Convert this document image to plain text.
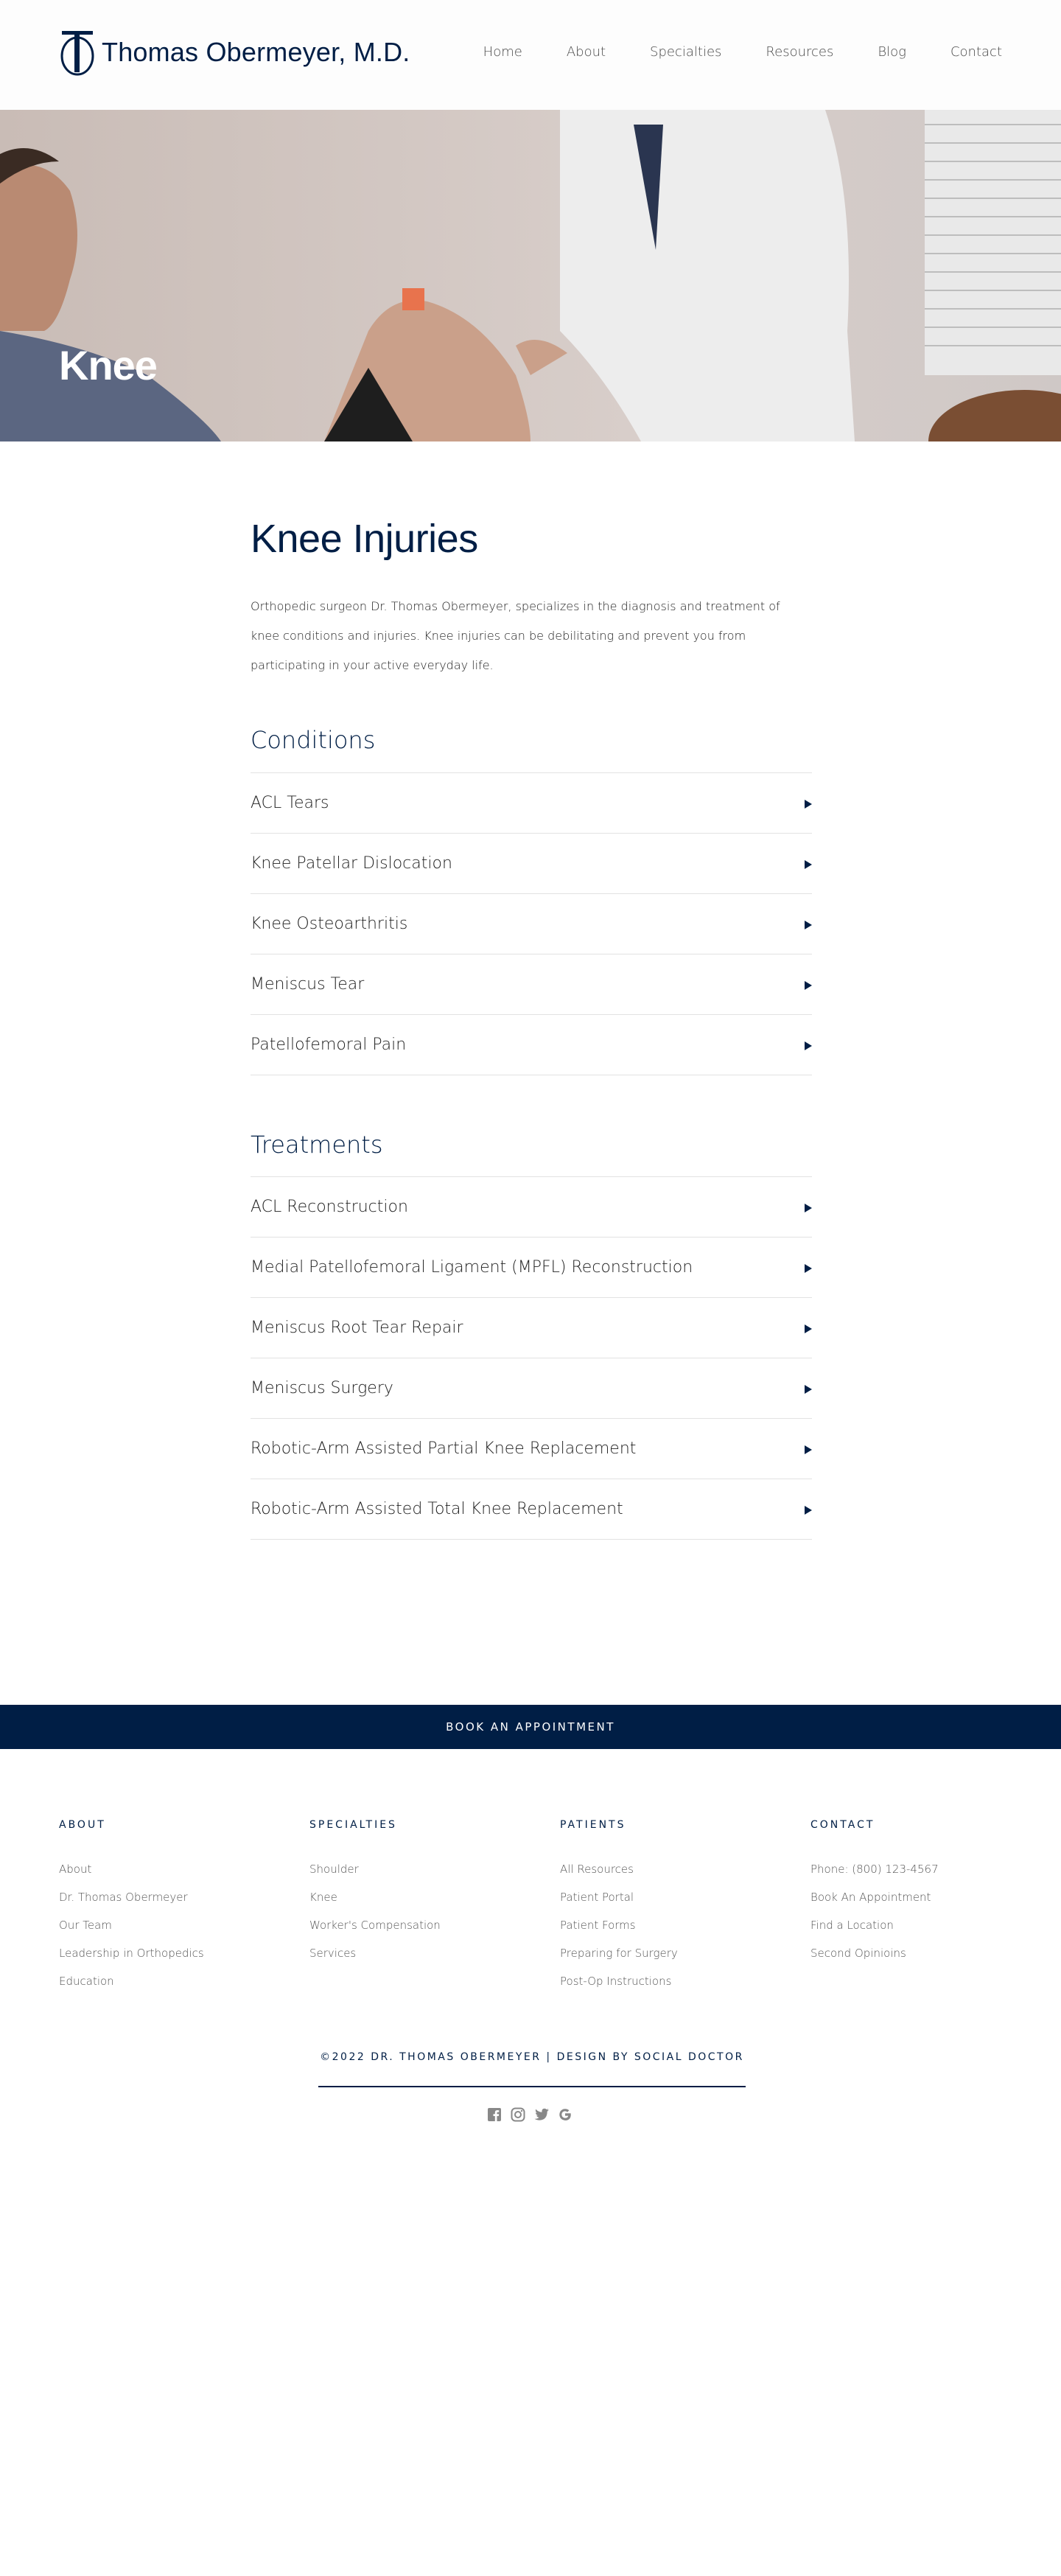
Thomas Obermeyer, M.D.	Home	About	Specialties	Resources	Blog	Contact
Knee
Knee Injuries

Orthopedic surgeon Dr. Thomas Obermeyer, specializes in the diagnosis and treatment of knee conditions and injuries. Knee injuries can be debilitating and prevent you from participating in your active everyday life.

Conditions
ACL Tears
Knee Patellar Dislocation
Knee Osteoarthritis
Meniscus Tear
Patellofemoral Pain
Treatments
ACL Reconstruction
Medial Patellofemoral Ligament (MPFL) Reconstruction
Meniscus Root Tear Repair
Meniscus Surgery
Robotic-Arm Assisted Partial Knee Replacement
Robotic-Arm Assisted Total Knee Replacement
BOOK AN APPOINTMENT
ABOUT
About
Dr. Thomas Obermeyer
Our Team
Leadership in Orthopedics
Education
SPECIALTIES
Shoulder
Knee
Worker's Compensation
Services
PATIENTS
All Resources
Patient Portal
Patient Forms
Preparing for Surgery
Post-Op Instructions
CONTACT
Phone: (800) 123-4567
Book An Appointment
Find a Location
Second Opinioins
©2022 DR. THOMAS OBERMEYER | DESIGN BY SOCIAL DOCTOR
